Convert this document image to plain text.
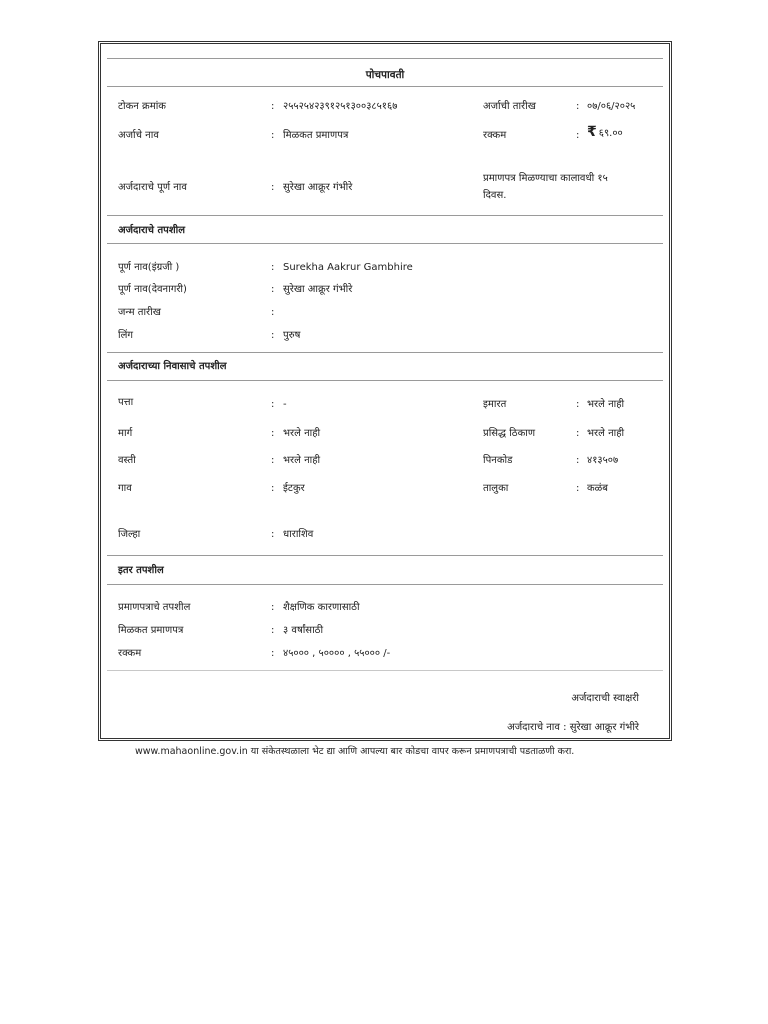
पोचपावती
टोकन क्रमांक	: २५५२५४२३९१२५१३००३८५१६७	अर्जाची तारीख	: ०७/०६/२०२५
अर्जाचे नाव	: मिळकत प्रमाणपत्र	रक्कम	: ₹ ६९.००
अर्जदाराचे पूर्ण नाव	: सुरेखा आक्रूर गंभीरे
प्रमाणपत्र मिळण्याचा कालावधी १५
दिवस.
अर्जदाराचे तपशील
पूर्ण नाव(इंग्रजी )	: Surekha Aakrur Gambhire
पूर्ण नाव(देवनागरी)	: सुरेखा आक्रूर गंभीरे
जन्म तारीख	:
लिंग	: पुरुष
अर्जदाराच्या निवासाचे तपशील
पत्ता	: -	इमारत	: भरले नाही
मार्ग	: भरले नाही	प्रसिद्ध ठिकाण	: भरले नाही
वस्ती	: भरले नाही	पिनकोड	: ४१३५०७
गाव	: ईटकुर	तालुका	: कळंब
जिल्हा	: धाराशिव
इतर तपशील
प्रमाणपत्राचे तपशील	: शैक्षणिक कारणासाठी
मिळकत प्रमाणपत्र	: ३ वर्षांसाठी
रक्कम	: ४५००० , ५०००० , ५५००० /-
अर्जदाराची स्वाक्षरी
अर्जदाराचे नाव : सुरेखा आक्रूर गंभीरे
www.mahaonline.gov.in या संकेतस्थळाला भेट द्या आणि आपल्या बार कोडचा वापर करून प्रमाणपत्राची पडताळणी करा.
